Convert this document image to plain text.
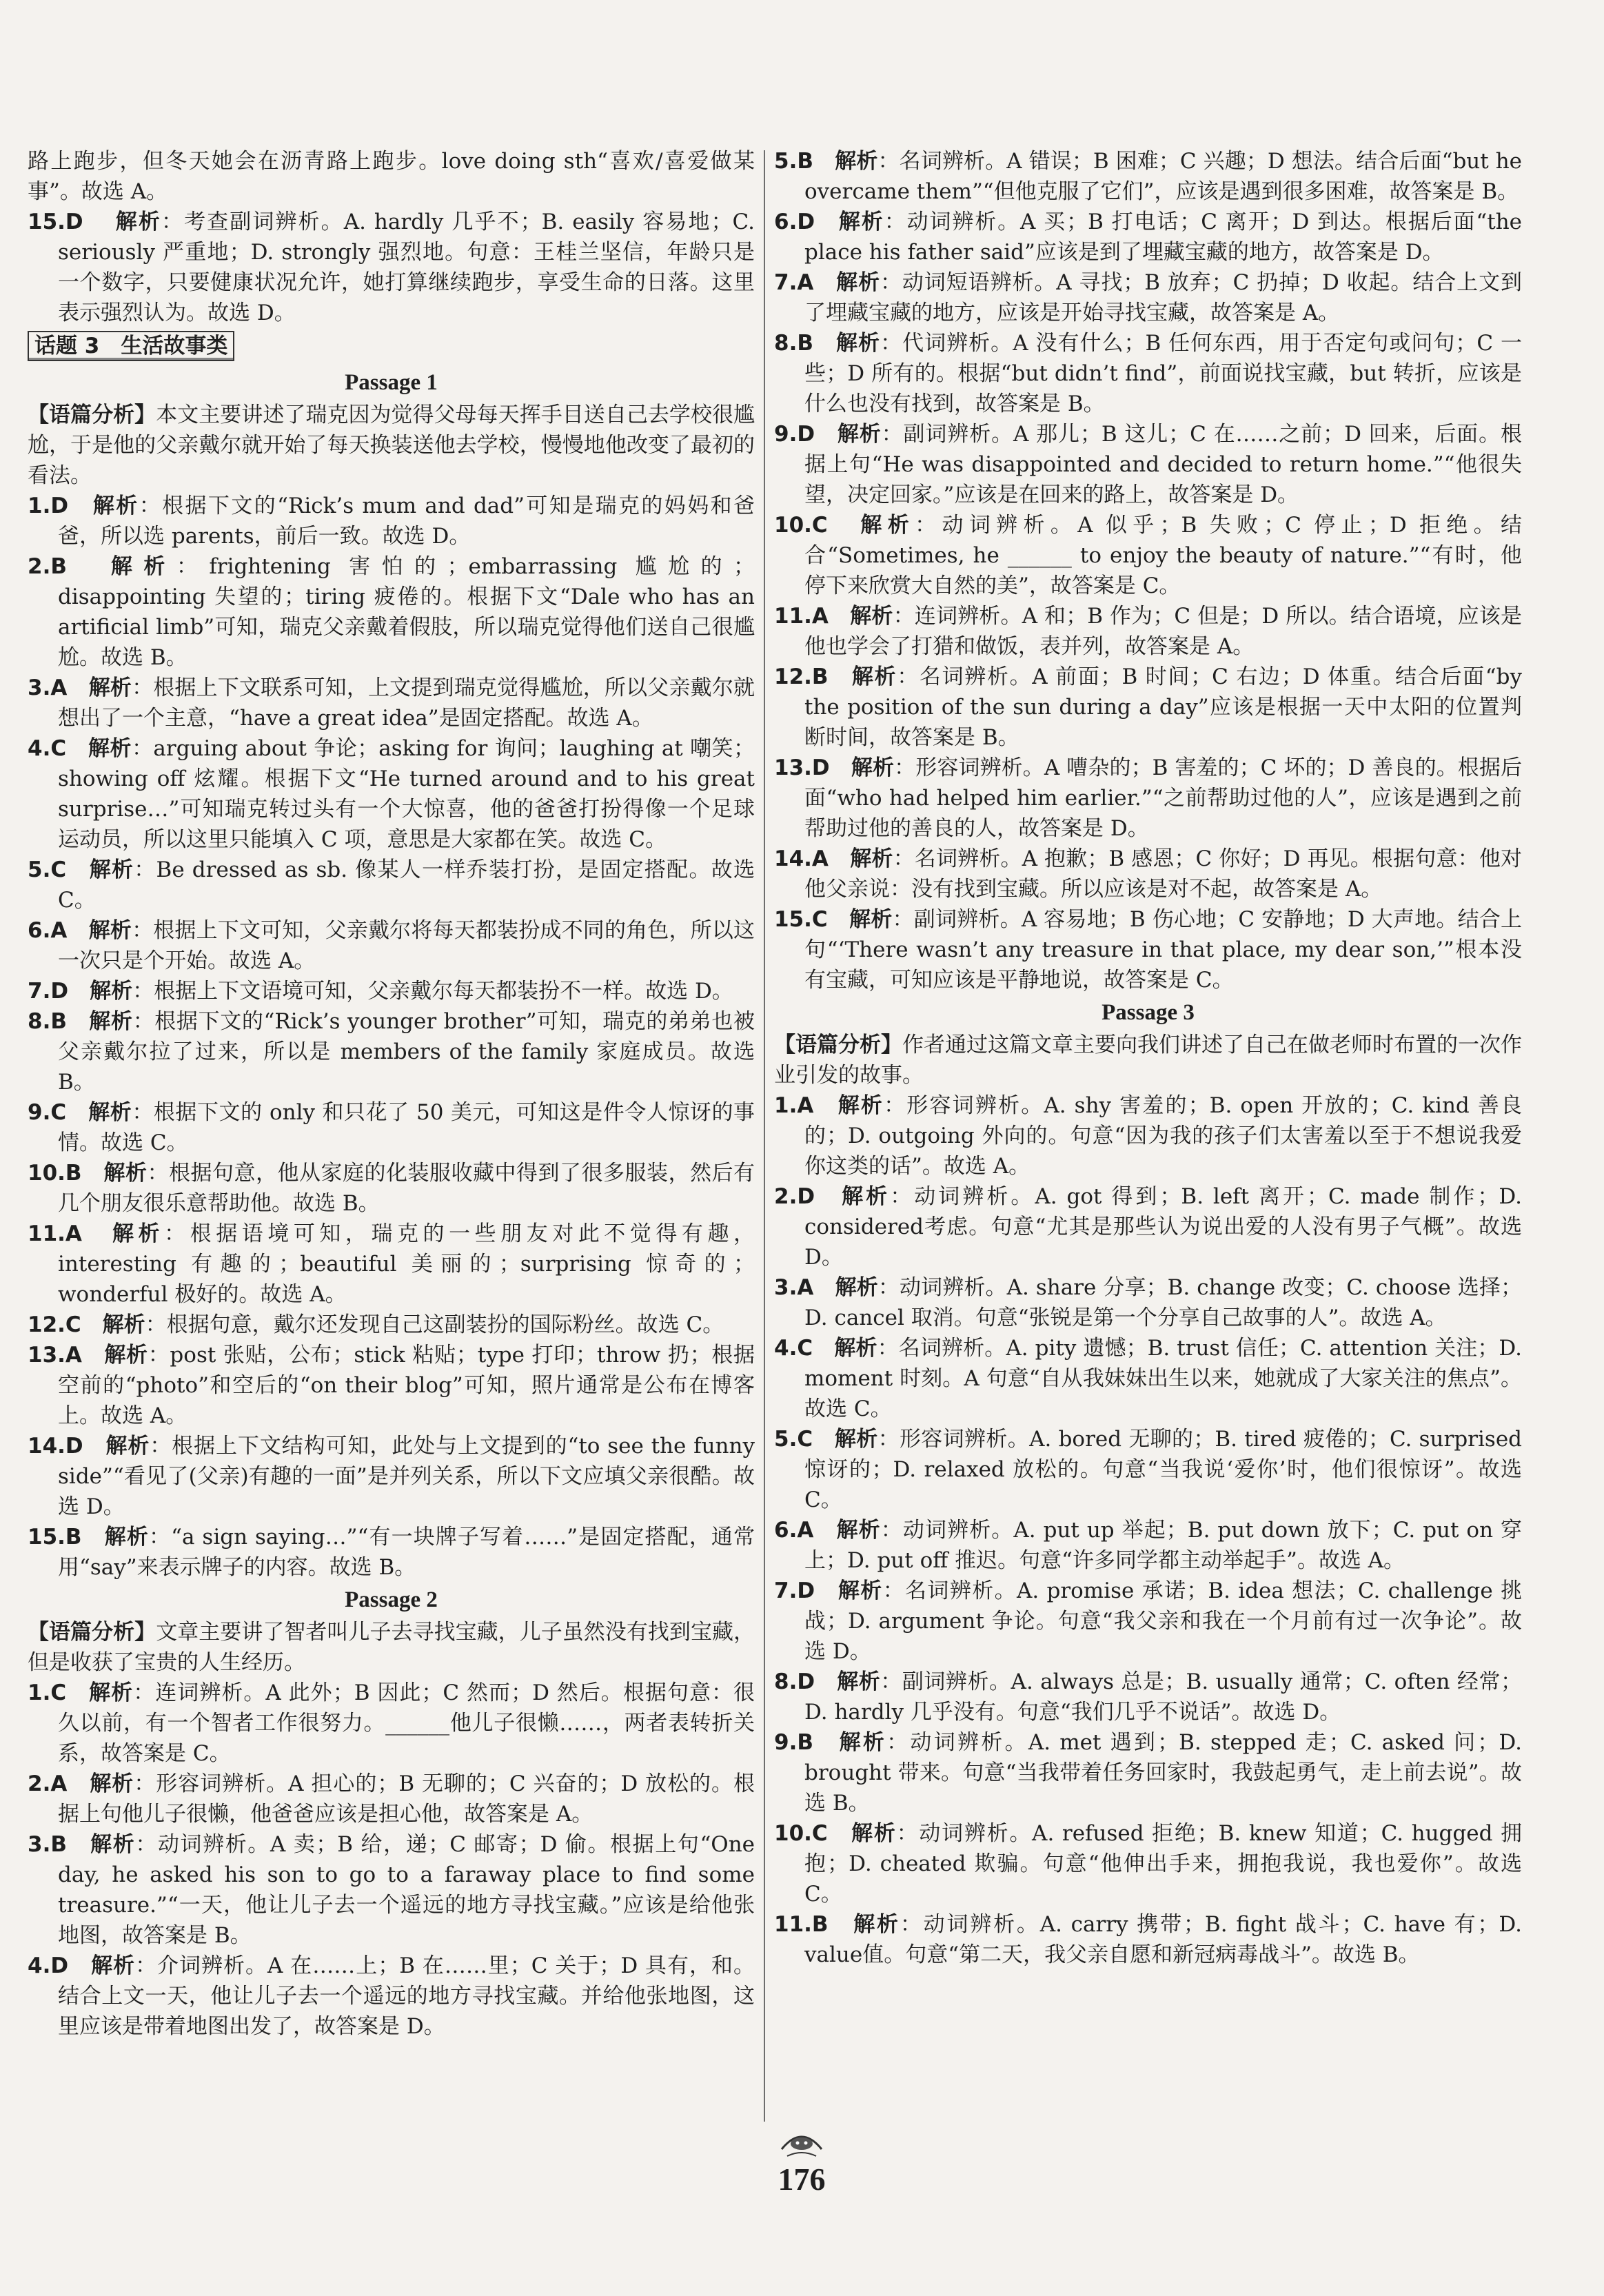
路上跑步，但冬天她会在沥青路上跑步。love doing sth“喜欢/喜爱做某事”。故选 A。

15.D　 解析：考查副词辨析。A. hardly 几乎不；B. easily 容易地；C. seriously 严重地；D. strongly 强烈地。句意：王桂兰坚信，年龄只是一个数字，只要健康状况允许，她打算继续跑步，享受生命的日落。这里表示强烈认为。故选 D。

话题 3　生活故事类
Passage 1

【语篇分析】本文主要讲述了瑞克因为觉得父母每天挥手目送自己去学校很尴尬，于是他的父亲戴尔就开始了每天换装送他去学校，慢慢地他改变了最初的看法。

1.D　 解析：根据下文的“Rick’s mum and dad”可知是瑞克的妈妈和爸爸，所以选 parents，前后一致。故选 D。

2.B　 解析：frightening 害怕的；embarrassing 尴尬的；disappointing 失望的；tiring 疲倦的。根据下文“Dale who has an artificial limb”可知，瑞克父亲戴着假肢，所以瑞克觉得他们送自己很尴尬。故选 B。

3.A　 解析：根据上下文联系可知，上文提到瑞克觉得尴尬，所以父亲戴尔就想出了一个主意，“have a great idea”是固定搭配。故选 A。

4.C　 解析：arguing about 争论；asking for 询问；laughing at 嘲笑；showing off 炫耀。根据下文“He turned around and to his great surprise…”可知瑞克转过头有一个大惊喜，他的爸爸打扮得像一个足球运动员，所以这里只能填入 C 项，意思是大家都在笑。故选 C。

5.C　 解析：Be dressed as sb. 像某人一样乔装打扮，是固定搭配。故选 C。

6.A　 解析：根据上下文可知，父亲戴尔将每天都装扮成不同的角色，所以这一次只是个开始。故选 A。

7.D　 解析：根据上下文语境可知，父亲戴尔每天都装扮不一样。故选 D。

8.B　 解析：根据下文的“Rick’s younger brother”可知，瑞克的弟弟也被父亲戴尔拉了过来，所以是 members of the family 家庭成员。故选 B。

9.C　 解析：根据下文的 only 和只花了 50 美元，可知这是件令人惊讶的事情。故选 C。

10.B　 解析：根据句意，他从家庭的化装服收藏中得到了很多服装，然后有几个朋友很乐意帮助他。故选 B。

11.A　 解析：根据语境可知，瑞克的一些朋友对此不觉得有趣，interesting 有趣的；beautiful 美丽的；surprising 惊奇的；wonderful 极好的。故选 A。

12.C　 解析：根据句意，戴尔还发现自己这副装扮的国际粉丝。故选 C。

13.A　 解析：post 张贴，公布；stick 粘贴；type 打印；throw 扔；根据空前的“photo”和空后的“on their blog”可知，照片通常是公布在博客上。故选 A。

14.D　 解析：根据上下文结构可知，此处与上文提到的“to see the funny side”“看见了(父亲)有趣的一面”是并列关系，所以下文应填父亲很酷。故选 D。

15.B　 解析：“a sign saying…”“有一块牌子写着……”是固定搭配，通常用“say”来表示牌子的内容。故选 B。

Passage 2

【语篇分析】文章主要讲了智者叫儿子去寻找宝藏，儿子虽然没有找到宝藏，但是收获了宝贵的人生经历。

1.C　 解析：连词辨析。A 此外；B 因此；C 然而；D 然后。根据句意：很久以前，有一个智者工作很努力。______他儿子很懒……，两者表转折关系，故答案是 C。

2.A　 解析：形容词辨析。A 担心的；B 无聊的；C 兴奋的；D 放松的。根据上句他儿子很懒，他爸爸应该是担心他，故答案是 A。

3.B　 解析：动词辨析。A 卖；B 给，递；C 邮寄；D 偷。根据上句“One day, he asked his son to go to a faraway place to find some treasure.”“一天，他让儿子去一个遥远的地方寻找宝藏。”应该是给他张地图，故答案是 B。

4.D　 解析：介词辨析。A 在……上；B 在……里；C 关于；D 具有，和。结合上文一天，他让儿子去一个遥远的地方寻找宝藏。并给他张地图，这里应该是带着地图出发了，故答案是 D。

5.B　 解析：名词辨析。A 错误；B 困难；C 兴趣；D 想法。结合后面“but he overcame them”“但他克服了它们”，应该是遇到很多困难，故答案是 B。

6.D　 解析：动词辨析。A 买；B 打电话；C 离开；D 到达。根据后面“the place his father said”应该是到了埋藏宝藏的地方，故答案是 D。

7.A　 解析：动词短语辨析。A 寻找；B 放弃；C 扔掉；D 收起。结合上文到了埋藏宝藏的地方，应该是开始寻找宝藏，故答案是 A。

8.B　 解析：代词辨析。A 没有什么；B 任何东西，用于否定句或问句；C 一些；D 所有的。根据“but didn’t find”，前面说找宝藏，but 转折，应该是什么也没有找到，故答案是 B。

9.D　 解析：副词辨析。A 那儿；B 这儿；C 在……之前；D 回来，后面。根据上句“He was disappointed and decided to return home.”“他很失望，决定回家。”应该是在回来的路上，故答案是 D。

10.C　 解析：动词辨析。A 似乎；B 失败；C 停止；D 拒绝。结合“Sometimes, he ______ to enjoy the beauty of nature.”“有时，他停下来欣赏大自然的美”，故答案是 C。

11.A　 解析：连词辨析。A 和；B 作为；C 但是；D 所以。结合语境，应该是他也学会了打猎和做饭，表并列，故答案是 A。

12.B　 解析：名词辨析。A 前面；B 时间；C 右边；D 体重。结合后面“by the position of the sun during a day”应该是根据一天中太阳的位置判断时间，故答案是 B。

13.D　 解析：形容词辨析。A 嘈杂的；B 害羞的；C 坏的；D 善良的。根据后面“who had helped him earlier.”“之前帮助过他的人”，应该是遇到之前帮助过他的善良的人，故答案是 D。

14.A　 解析：名词辨析。A 抱歉；B 感恩；C 你好；D 再见。根据句意：他对他父亲说：没有找到宝藏。所以应该是对不起，故答案是 A。

15.C　 解析：副词辨析。A 容易地；B 伤心地；C 安静地；D 大声地。结合上句“‘There wasn’t any treasure in that place, my dear son,’”根本没有宝藏，可知应该是平静地说，故答案是 C。

Passage 3

【语篇分析】作者通过这篇文章主要向我们讲述了自己在做老师时布置的一次作业引发的故事。

1.A　 解析：形容词辨析。A. shy 害羞的；B. open 开放的；C. kind 善良的；D. outgoing 外向的。句意“因为我的孩子们太害羞以至于不想说我爱你这类的话”。故选 A。

2.D　 解析：动词辨析。A. got 得到；B. left 离开；C. made 制作；D. considered考虑。句意“尤其是那些认为说出爱的人没有男子气概”。故选 D。

3.A　 解析：动词辨析。A. share 分享；B. change 改变；C. choose 选择；D. cancel 取消。句意“张锐是第一个分享自己故事的人”。故选 A。

4.C　 解析：名词辨析。A. pity 遗憾；B. trust 信任；C. attention 关注；D. moment 时刻。A 句意“自从我妹妹出生以来，她就成了大家关注的焦点”。故选 C。

5.C　 解析：形容词辨析。A. bored 无聊的；B. tired 疲倦的；C. surprised 惊讶的；D. relaxed 放松的。句意“当我说‘爱你’时，他们很惊讶”。故选 C。

6.A　 解析：动词辨析。A. put up 举起；B. put down 放下；C. put on 穿上；D. put off 推迟。句意“许多同学都主动举起手”。故选 A。

7.D　 解析：名词辨析。A. promise 承诺；B. idea 想法；C. challenge 挑战；D. argument 争论。句意“我父亲和我在一个月前有过一次争论”。故选 D。

8.D　 解析：副词辨析。A. always 总是；B. usually 通常；C. often 经常；D. hardly 几乎没有。句意“我们几乎不说话”。故选 D。

9.B　 解析：动词辨析。A. met 遇到；B. stepped 走；C. asked 问；D. brought 带来。句意“当我带着任务回家时，我鼓起勇气，走上前去说”。故选 B。

10.C　 解析：动词辨析。A. refused 拒绝；B. knew 知道；C. hugged 拥抱；D. cheated 欺骗。句意“他伸出手来，拥抱我说，我也爱你”。故选 C。

11.B　 解析：动词辨析。A. carry 携带；B. fight 战斗；C. have 有；D. value值。句意“第二天，我父亲自愿和新冠病毒战斗”。故选 B。

176
